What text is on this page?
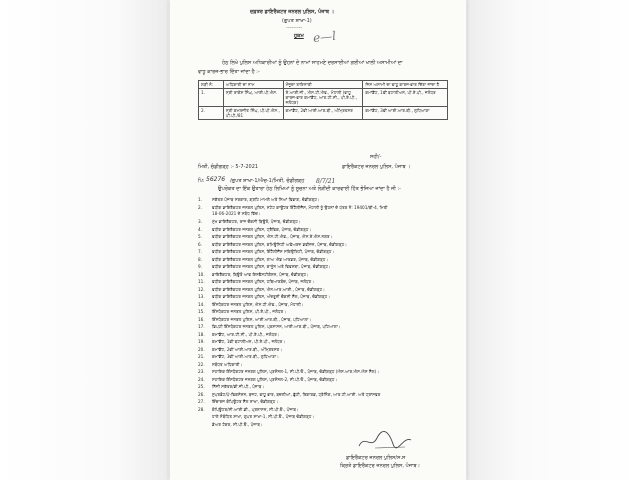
ਦਫ਼ਤਰ ਡਾਇਰੈਕਟਰ ਜਨਰਲ ਪੁਲਿਸ, ਪੰਜਾਬ ।
(ਗੁਪਤ ਸ਼ਾਖਾ-1)
---------
ਹੁਕਮ e—l
ਹੇਠ ਲਿਖੇ ਪੁਲਿਸ ਅਧਿਕਾਰੀਆਂ ਨੂੰ ਉਹਨਾਂ ਦੇ ਨਾਮਾਂ ਸਾਹਮਣੇ ਦਰਸਾਈਆਂ ਗਈਆਂ ਖਾਲੀ ਅਸਾਮੀਆਂ ਦਾ
ਵਾਧੂ ਕਾਰਜ-ਭਾਰ ਦਿੱਤਾ ਜਾਂਦਾ ਹੈ :-
ਲੜੀ ਨੰ:	ਅਧਿਕਾਰੀ ਦਾ ਨਾਮ	ਮੌਜੂਦਾ ਤਾਇਨਾਤੀ	ਜਿਸ ਅਸਾਮੀ ਦਾ ਵਾਧੂ ਕਾਰਜ-ਭਾਰ ਦਿੱਤਾ ਜਾਂਦਾ ਹੈ
1.	ਸ੍ਰੀ ਰਾਕੇਸ਼ ਸਿੰਘ, ਆਈ.ਪੀ.ਐਸ.	ਏ.ਆਈ.ਜੀ., ਐਸ.ਟੀ.ਐਫ., ਮੋਹਾਲੀ (ਵਾਧੂ ਕਾਰਜ-ਭਾਰ ਕਮਾਂਡੈਂਟ, ਆਰ.ਟੀ.ਸੀ., ਪੀ.ਏ.ਪੀ., ਜਲੰਧਰ)	ਕਮਾਂਡੈਂਟ, 1ਵੀਂ ਬਟਾਲੀਅਨ, ਪੀ.ਏ.ਪੀ., ਜਲੰਧਰ
2.	ਸ੍ਰੀ ਕਮਲਜੀਤ ਸਿੰਘ, ਪੀ.ਪੀ.ਐਸ., ਪੀ.ਪੀ./81	ਕਮਾਂਡੈਂਟ, 2ਵੀਂ ਆਈ.ਆਰ.ਬੀ., ਅੰਮ੍ਰਿਤਸਰ	ਕਮਾਂਡੈਂਟ, 3ਵੀਂ ਆਈ.ਆਰ.ਬੀ., ਲੁਧਿਆਣਾ
ਸਹੀ/-
ਮਿਤੀ, ਚੰਡੀਗੜ੍ਹ :- 5-7-2021	ਡਾਇਰੈਕਟਰ ਜਨਰਲ ਪੁਲਿਸ, ਪੰਜਾਬ ।
ਪਿ: 56276 /ਗੁਪਤ ਸ਼ਾਖਾ-1/ਐਚ-1/ਮਿਤੀ, ਚੰਡੀਗੜ੍ਹ 8/7/21
ਉਪਰੋਕਤ ਦਾ ਇੱਕ ਉਤਾਰਾ ਹੇਠ ਲਿਖਿਆਂ ਨੂੰ ਸੂਚਨਾ ਅਤੇ ਲੋੜੀਂਦੀ ਕਾਰਵਾਈ ਹਿੱਤ ਭੇਜਿਆ ਜਾਂਦਾ ਹੈ ਜੀ :-
1. ਸਕੱਤਰ ਪੰਜਾਬ ਸਰਕਾਰ, ਗ੍ਰਹਿ ਮਾਮਲੇ ਅਤੇ ਨਿਆਂ ਵਿਭਾਗ, ਚੰਡੀਗੜ੍ਹ।
2. ਵਧੀਕ ਡਾਇਰੈਕਟਰ ਜਨਰਲ ਪੁਲਿਸ, ਸਟੇਟ ਕਾਊਂਟਰ ਇੰਟੈਲੀਜੈਂਸ, ਮੋਹਾਲੀ ਨੂੰ ਉਹਨਾਂ ਦੇ ਪੱਤਰ ਨੰ: 19401/ਬੀ-4, ਮਿਤੀ
3. ਮੁੱਖ ਡਾਇਰੈਕਟਰ, ਰਾਜ ਚੌਕਸੀ ਬਿਊਰੋ, ਪੰਜਾਬ, ਚੰਡੀਗੜ੍ਹ।
4. ਵਧੀਕ ਡਾਇਰੈਕਟਰ ਜਨਰਲ ਪੁਲਿਸ, ਟ੍ਰੈਫਿਕ, ਪੰਜਾਬ, ਚੰਡੀਗੜ੍ਹ।
5. ਵਧੀਕ ਡਾਇਰੈਕਟਰ ਜਨਰਲ ਪੁਲਿਸ, ਐਸ.ਟੀ.ਐਫ., ਪੰਜਾਬ, ਐਸ.ਏ.ਐਸ.ਨਗਰ।
6. ਵਧੀਕ ਡਾਇਰੈਕਟਰ ਜਨਰਲ ਪੁਲਿਸ, ਕਮਿਊਨਿਟੀ ਅਫੇਅਰਜ਼ ਡਵੀਜ਼ਨ, ਪੰਜਾਬ, ਚੰਡੀਗੜ੍ਹ।
7. ਵਧੀਕ ਡਾਇਰੈਕਟਰ ਜਨਰਲ ਪੁਲਿਸ, ਇੰਟੈਲੀਜੈਂਸ ਸਕਿਉਰਿਟੀ, ਪੰਜਾਬ, ਚੰਡੀਗੜ੍ਹ।
8. ਵਧੀਕ ਡਾਇਰੈਕਟਰ ਜਨਰਲ ਪੁਲਿਸ, ਲਾਅ ਐਂਡ ਆਰਡਰ, ਪੰਜਾਬ, ਚੰਡੀਗੜ੍ਹ।
9. ਵਧੀਕ ਡਾਇਰੈਕਟਰ ਜਨਰਲ ਪੁਲਿਸ, ਕਾਨੂੰਨ ਅਤੇ ਵਿਵਸਥਾ, ਪੰਜਾਬ, ਚੰਡੀਗੜ੍ਹ।
10. ਡਾਇਰੈਕਟਰ, ਬਿਊਰੋ ਆਫ ਇਨਵੈਸਟੀਗੇਸ਼ਨ, ਪੰਜਾਬ, ਚੰਡੀਗੜ੍ਹ।
11. ਵਧੀਕ ਡਾਇਰੈਕਟਰ ਜਨਰਲ ਪੁਲਿਸ, ਹਥਿਆਰਬੰਦ, ਪੰਜਾਬ, ਜਲੰਧਰ।
12. ਵਧੀਕ ਡਾਇਰੈਕਟਰ ਜਨਰਲ ਪੁਲਿਸ, ਐਨ.ਆਰ.ਆਈ., ਪੰਜਾਬ, ਚੰਡੀਗੜ੍ਹ।
13. ਵਧੀਕ ਡਾਇਰੈਕਟਰ ਜਨਰਲ ਪੁਲਿਸ, ਅੰਦਰੂਨੀ ਚੌਕਸੀ ਸੈੱਲ, ਪੰਜਾਬ, ਚੰਡੀਗੜ੍ਹ।
14. ਇੰਸਪੈਕਟਰ ਜਨਰਲ ਪੁਲਿਸ, ਐਸ.ਟੀ.ਐਫ., ਪੰਜਾਬ, ਮੋਹਾਲੀ।
15. ਇੰਸਪੈਕਟਰ ਜਨਰਲ ਪੁਲਿਸ, ਪੀ.ਏ.ਪੀ., ਜਲੰਧਰ।
16. ਇੰਸਪੈਕਟਰ ਜਨਰਲ ਪੁਲਿਸ, ਆਈ.ਆਰ.ਬੀ., ਪੰਜਾਬ, ਪਟਿਆਲਾ।
17. ਡਿਪਟੀ ਇੰਸਪੈਕਟਰ ਜਨਰਲ ਪੁਲਿਸ, ਪ੍ਰਸ਼ਾਸਨ, ਆਈ.ਆਰ.ਬੀ., ਪੰਜਾਬ, ਪਟਿਆਲਾ।
18. ਕਮਾਂਡੈਂਟ, ਆਰ.ਟੀ.ਸੀ., ਪੀ.ਏ.ਪੀ., ਜਲੰਧਰ।
19. ਕਮਾਂਡੈਂਟ, 1ਵੀਂ ਬਟਾਲੀਅਨ, ਪੀ.ਏ.ਪੀ., ਜਲੰਧਰ।
20. ਕਮਾਂਡੈਂਟ, 2ਵੀਂ ਆਈ.ਆਰ.ਬੀ., ਅੰਮ੍ਰਿਤਸਰ।
21. ਕਮਾਂਡੈਂਟ, 3ਵੀਂ ਆਈ.ਆਰ.ਬੀ., ਲੁਧਿਆਣਾ।
22. ਸਬੰਧਤ ਅਧਿਕਾਰੀ।
23. ਸਹਾਇਕ ਇੰਸਪੈਕਟਰ ਜਨਰਲ ਪੁਲਿਸ, ਪ੍ਰਸੋਨਲ-1, ਸੀ.ਪੀ.ਓ., ਪੰਜਾਬ, ਚੰਡੀਗੜ੍ਹ (ਐਸ.ਆਰ.ਐਸ.ਐਸ ਸੈੱਲ)।
24. ਸਹਾਇਕ ਇੰਸਪੈਕਟਰ ਜਨਰਲ ਪੁਲਿਸ, ਪ੍ਰਸੋਨਲ-2, ਸੀ.ਪੀ.ਓ., ਪੰਜਾਬ, ਚੰਡੀਗੜ੍ਹ।
25. ਨਿੱਜੀ ਸਕੱਤਰ/ਡੀ.ਜੀ.ਪੀ., ਪੰਜਾਬ।
26. ਸੁਪਰਡੰਟ/ਪੇ-ਫਿਕਸੇਸ਼ਨ, ਬਜਟ, ਵਾਧੂ ਭਾਰ, ਬਦਲੀਆਂ, ਛੁੱਟੀ, ਰਿਕਾਰਡ, ਟ੍ਰੇਨਿੰਗ, ਆਰ.ਟੀ.ਆਈ. ਅਤੇ ਟ੍ਰਾਂਸਫਰ
27. ਇੰਚਾਰਜ ਕੰਪਿਊਟਰ ਸੈੱਲ ਸ਼ਾਖਾ, ਚੰਡੀਗੜ੍ਹ।
28. ਕੰਪਿਊਟਰ/ਸੀ.ਆਈ.ਡੀ., ਪ੍ਰਸ਼ਾਸਨ, ਸੀ.ਪੀ.ਓ., ਪੰਜਾਬ।
ਹਾਲੇ ਸੰਬੰਧਿਤ ਸ਼ਾਖਾ, ਗੁਪਤ ਸ਼ਾਖਾ-1, ਸੀ.ਪੀ.ਓ., ਪੰਜਾਬ ਚੰਡੀਗੜ੍ਹ।
ਡੇਅਰ ਟੇਕਰ, ਸੀ.ਪੀ.ਓ., ਪੰਜਾਬ।
18-06-2021 ਦੇ ਸਬੰਧ ਵਿੱਚ।
ਡਾਇਰੈਕਟਰ ਜਨਰਲ ਪੁਲਿਸ/ਸ.ਸ
ਕ੍ਰਿਤੇ ਡਾਇਰੈਕਟਰ ਜਨਰਲ ਪੁਲਿਸ, ਪੰਜਾਬ।
